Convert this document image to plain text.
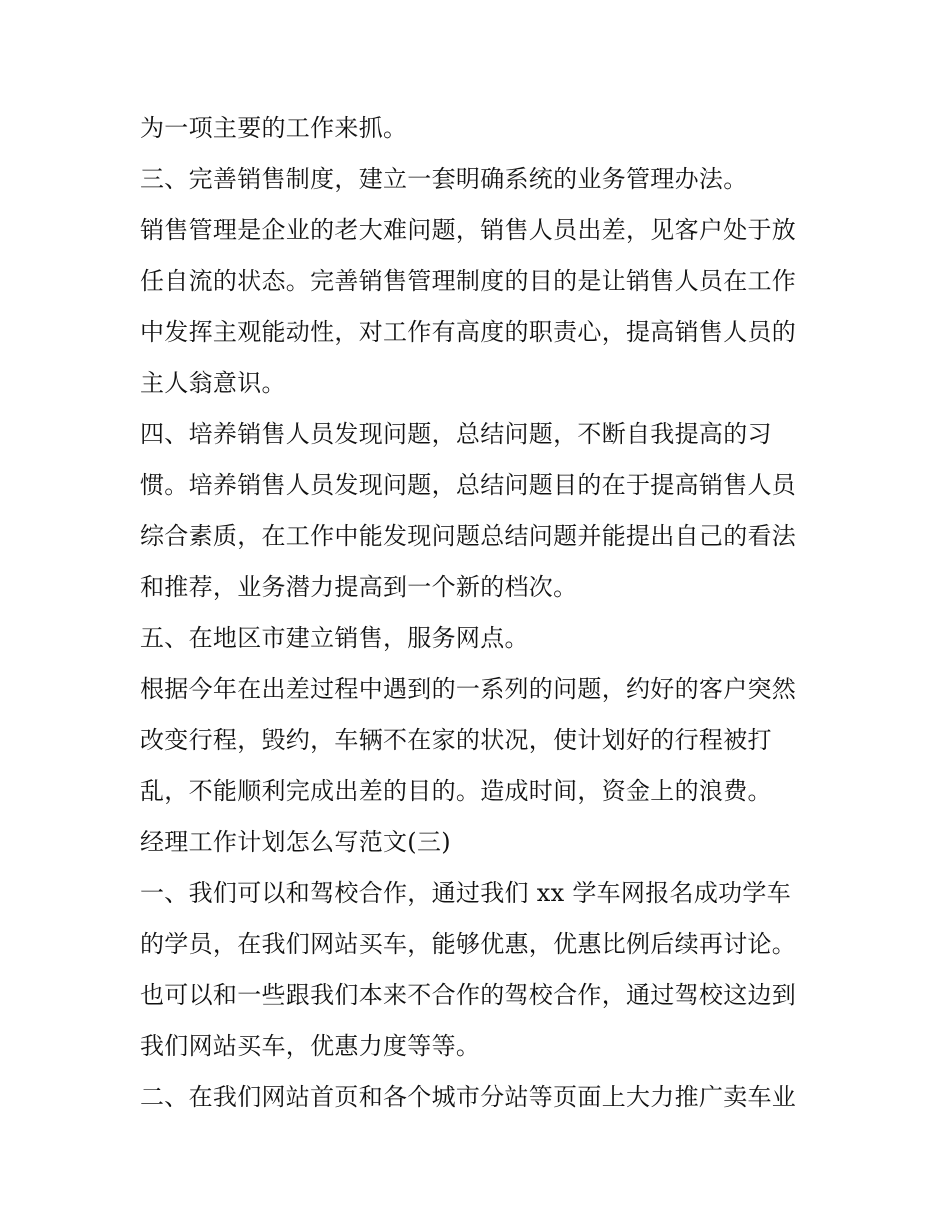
为一项主要的工作来抓。

三、完善销售制度，建立一套明确系统的业务管理办法。

销售管理是企业的老大难问题，销售人员出差，见客户处于放

任自流的状态。完善销售管理制度的目的是让销售人员在工作

中发挥主观能动性，对工作有高度的职责心，提高销售人员的

主人翁意识。

四、培养销售人员发现问题，总结问题，不断自我提高的习

惯。培养销售人员发现问题，总结问题目的在于提高销售人员

综合素质，在工作中能发现问题总结问题并能提出自己的看法

和推荐，业务潜力提高到一个新的档次。

五、在地区市建立销售，服务网点。

根据今年在出差过程中遇到的一系列的问题，约好的客户突然

改变行程，毁约，车辆不在家的状况，使计划好的行程被打

乱，不能顺利完成出差的目的。造成时间，资金上的浪费。

经理工作计划怎么写范文(三)

一、我们可以和驾校合作，通过我们 xx 学车网报名成功学车

的学员，在我们网站买车，能够优惠，优惠比例后续再讨论。

也可以和一些跟我们本来不合作的驾校合作，通过驾校这边到

我们网站买车，优惠力度等等。

二、在我们网站首页和各个城市分站等页面上大力推广卖车业
